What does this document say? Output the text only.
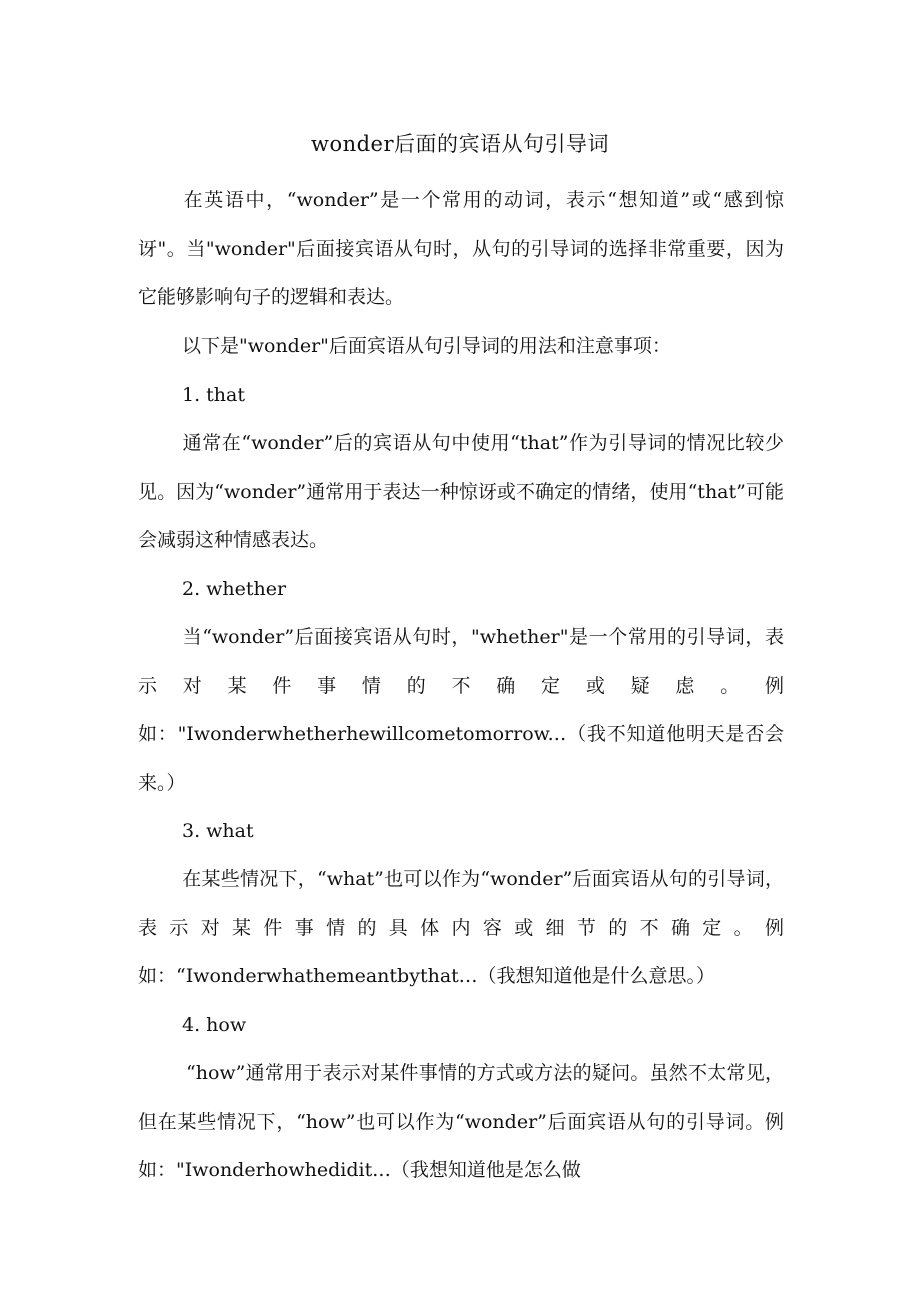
wonder后面的宾语从句引导词

在英语中，“wonder”是一个常用的动词，表示“想知道”或“感到惊讶"。当"wonder"后面接宾语从句时，从句的引导词的选择非常重要，因为它能够影响句子的逻辑和表达。

以下是"wonder"后面宾语从句引导词的用法和注意事项：

1. that

通常在“wonder”后的宾语从句中使用“that”作为引导词的情况比较少见。因为“wonder”通常用于表达一种惊讶或不确定的情绪，使用“that”可能会减弱这种情感表达。

2. whether

当“wonder”后面接宾语从句时，"whether"是一个常用的引导词，表示对某件事情的不确定或疑虑。例如："Iwonderwhetherhewillcometomorrow.‥（我不知道他明天是否会来。）

3. what

在某些情况下，“what”也可以作为“wonder”后面宾语从句的引导词，表示对某件事情的具体内容或细节的不确定。例如：“Iwonderwhathemeantbythat.‥（我想知道他是什么意思。）

4. how

“how”通常用于表示对某件事情的方式或方法的疑问。虽然不太常见，但在某些情况下，“how”也可以作为“wonder”后面宾语从句的引导词。例如："Iwonderhowhedidit.‥（我想知道他是怎么做
